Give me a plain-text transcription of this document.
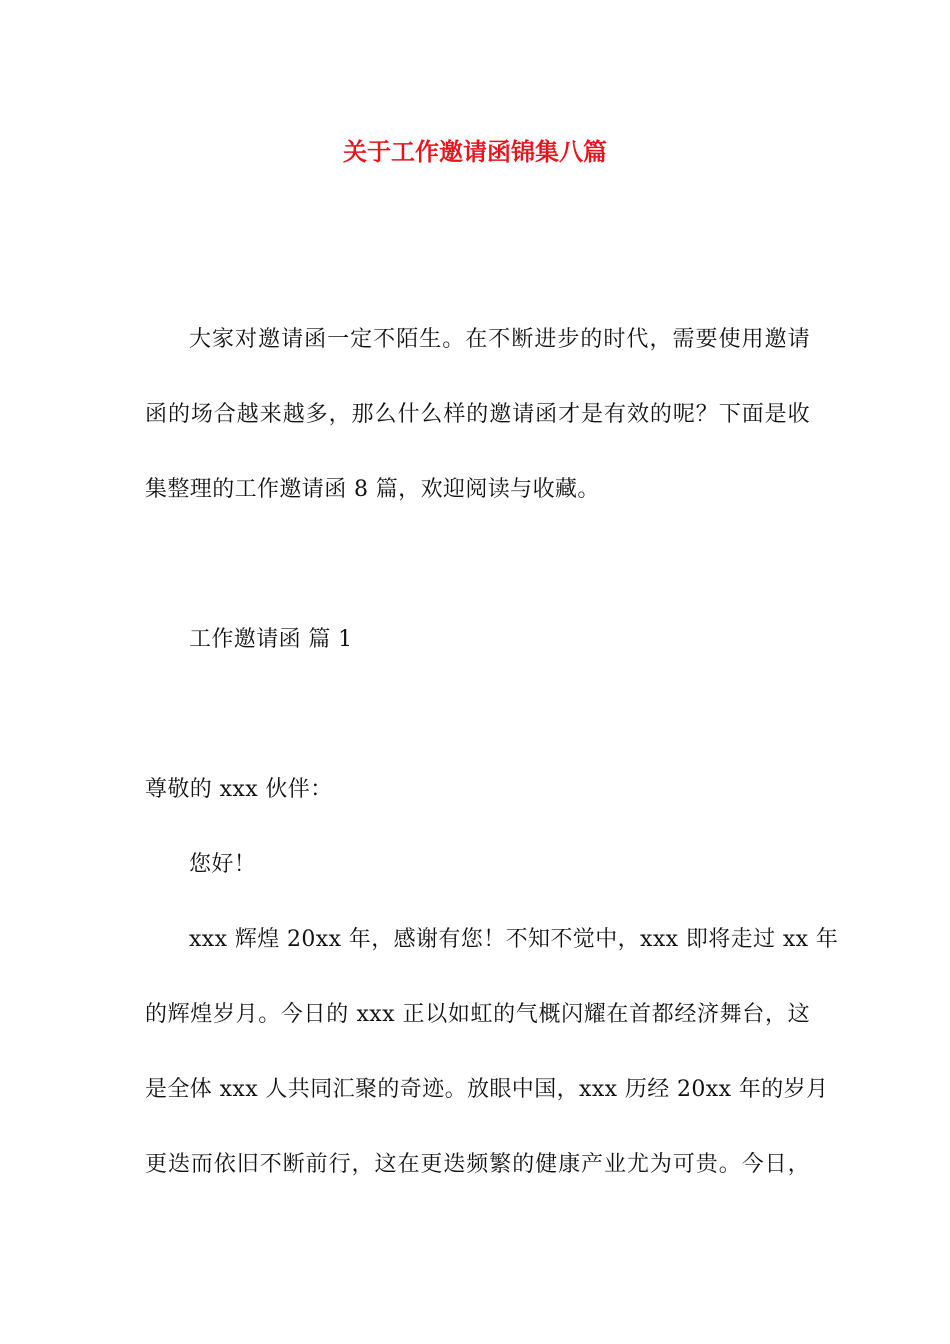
关于工作邀请函锦集八篇
大家对邀请函一定不陌生。在不断进步的时代，需要使用邀请
函的场合越来越多，那么什么样的邀请函才是有效的呢？下面是收
集整理的工作邀请函 8 篇，欢迎阅读与收藏。
工作邀请函 篇 1
尊敬的 xxx 伙伴：
您好！
xxx 辉煌 20xx 年，感谢有您！不知不觉中，xxx 即将走过 xx 年
的辉煌岁月。今日的 xxx 正以如虹的气概闪耀在首都经济舞台，这
是全体 xxx 人共同汇聚的奇迹。放眼中国，xxx 历经 20xx 年的岁月
更迭而依旧不断前行，这在更迭频繁的健康产业尤为可贵。今日，
